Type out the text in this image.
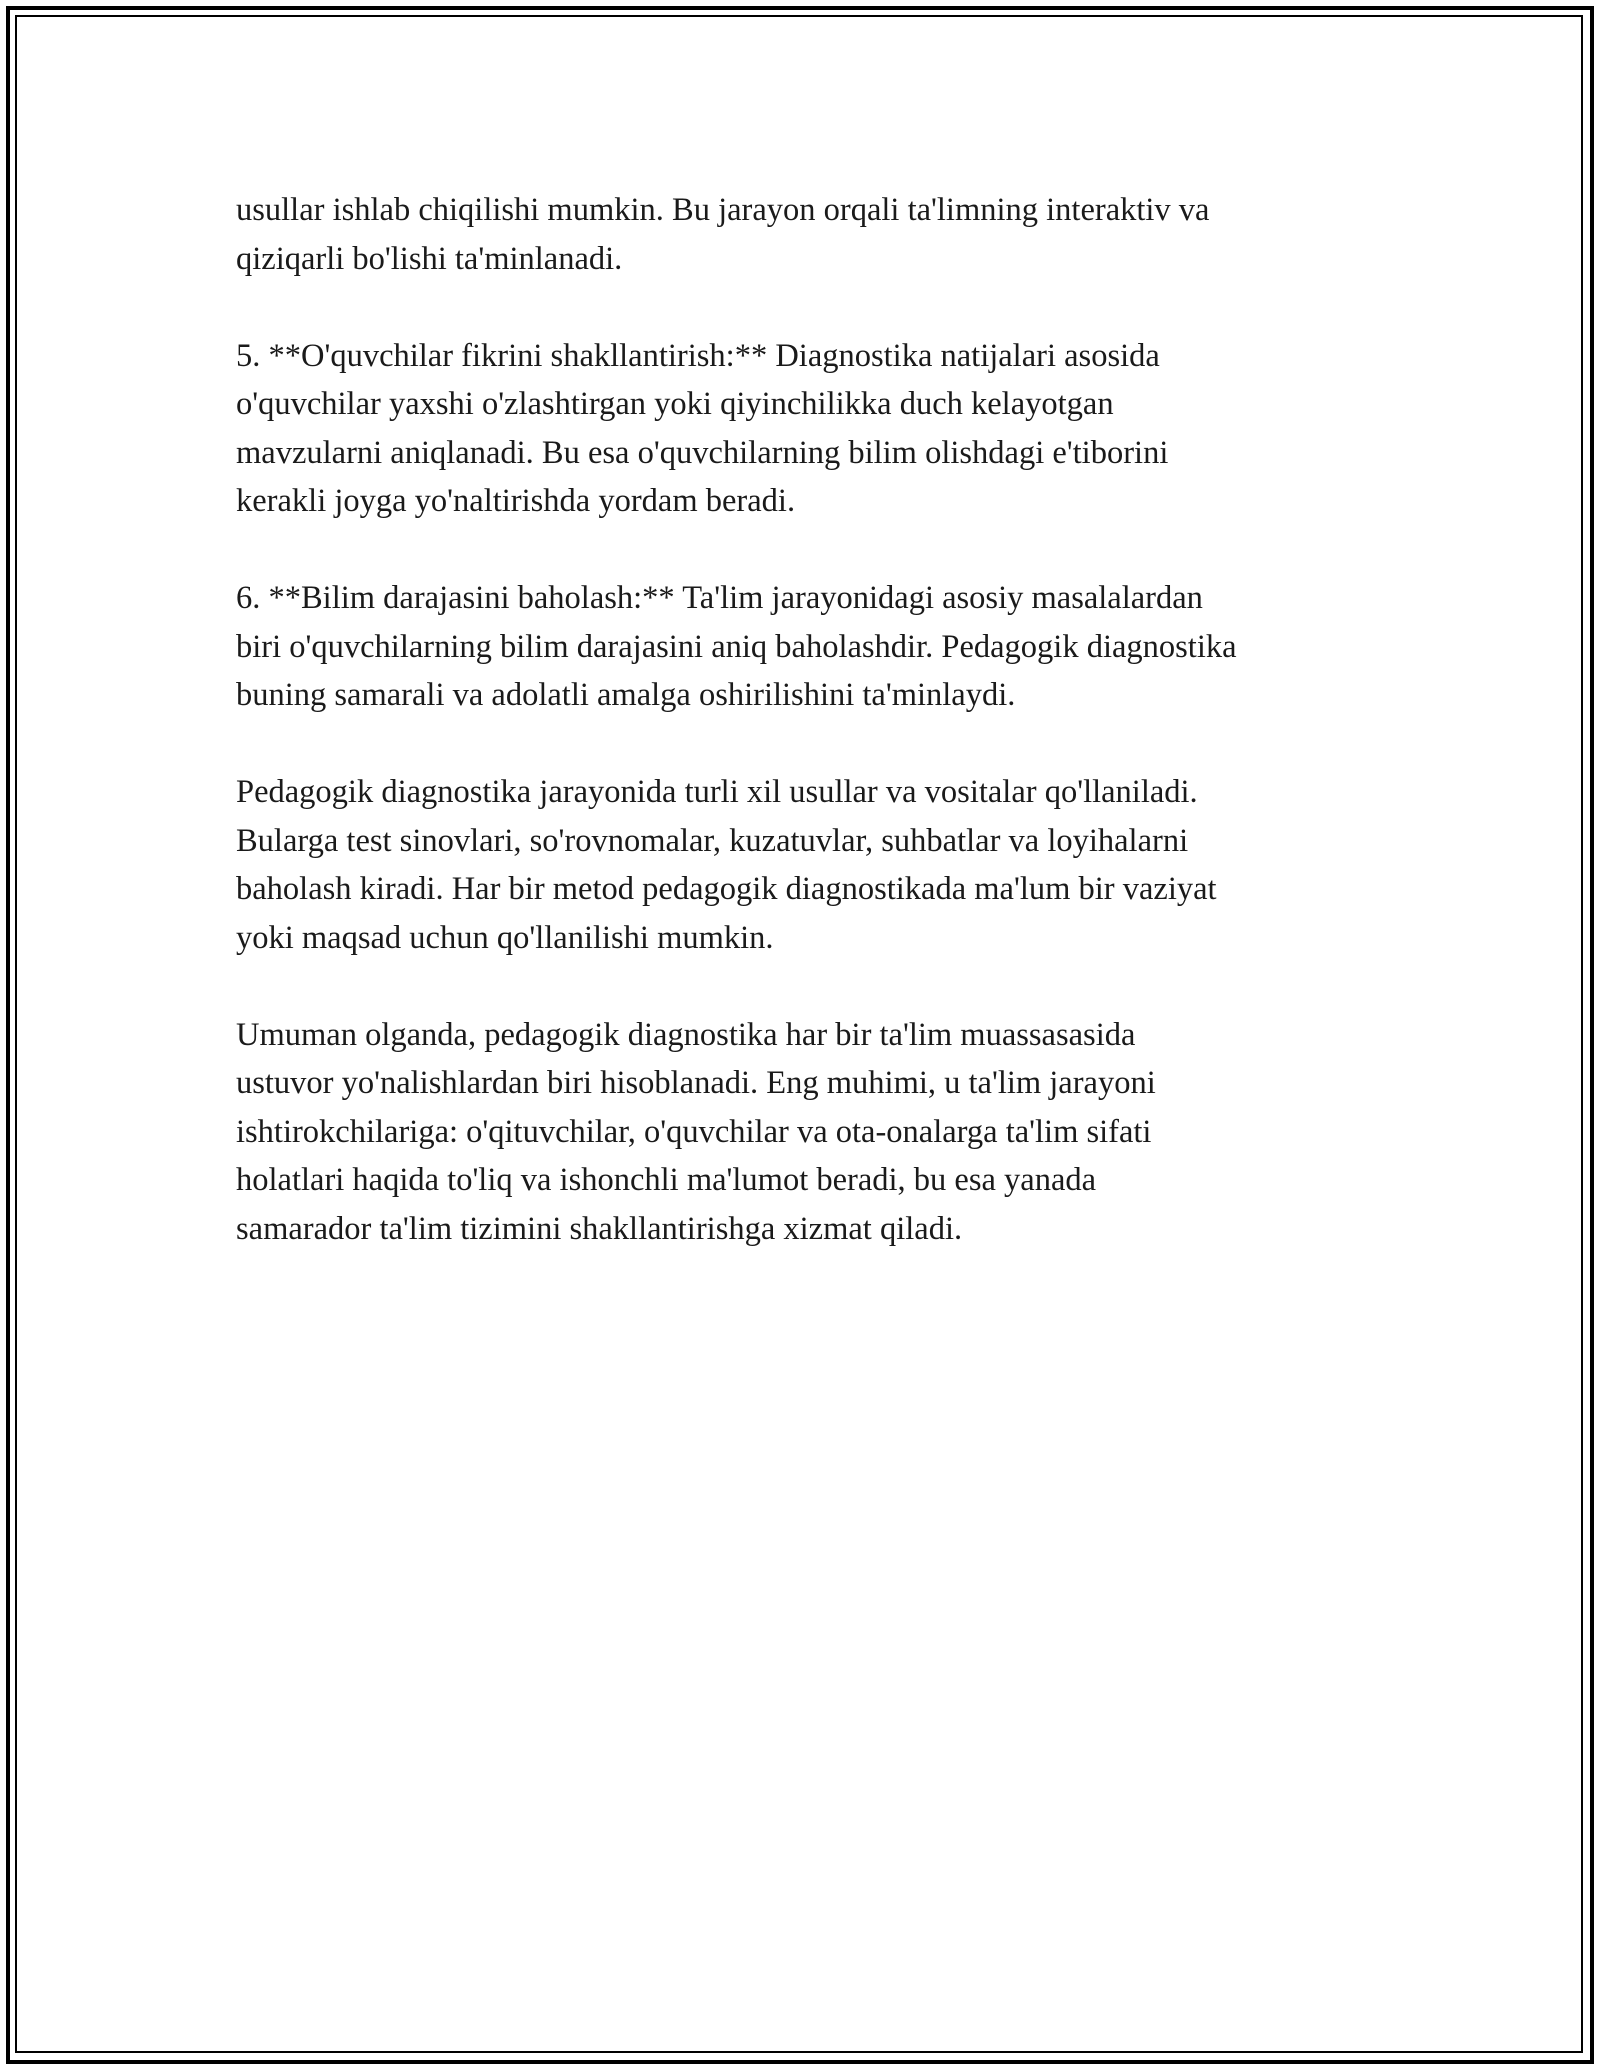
usullar ishlab chiqilishi mumkin. Bu jarayon orqali ta'limning interaktiv va
qiziqarli bo'lishi ta'minlanadi.

5. **O'quvchilar fikrini shakllantirish:** Diagnostika natijalari asosida
o'quvchilar yaxshi o'zlashtirgan yoki qiyinchilikka duch kelayotgan
mavzularni aniqlanadi. Bu esa o'quvchilarning bilim olishdagi e'tiborini
kerakli joyga yo'naltirishda yordam beradi.

6. **Bilim darajasini baholash:** Ta'lim jarayonidagi asosiy masalalardan
biri o'quvchilarning bilim darajasini aniq baholashdir. Pedagogik diagnostika
buning samarali va adolatli amalga oshirilishini ta'minlaydi.

Pedagogik diagnostika jarayonida turli xil usullar va vositalar qo'llaniladi.
Bularga test sinovlari, so'rovnomalar, kuzatuvlar, suhbatlar va loyihalarni
baholash kiradi. Har bir metod pedagogik diagnostikada ma'lum bir vaziyat
yoki maqsad uchun qo'llanilishi mumkin.

Umuman olganda, pedagogik diagnostika har bir ta'lim muassasasida
ustuvor yo'nalishlardan biri hisoblanadi. Eng muhimi, u ta'lim jarayoni
ishtirokchilariga: o'qituvchilar, o'quvchilar va ota-onalarga ta'lim sifati
holatlari haqida to'liq va ishonchli ma'lumot beradi, bu esa yanada
samarador ta'lim tizimini shakllantirishga xizmat qiladi.
